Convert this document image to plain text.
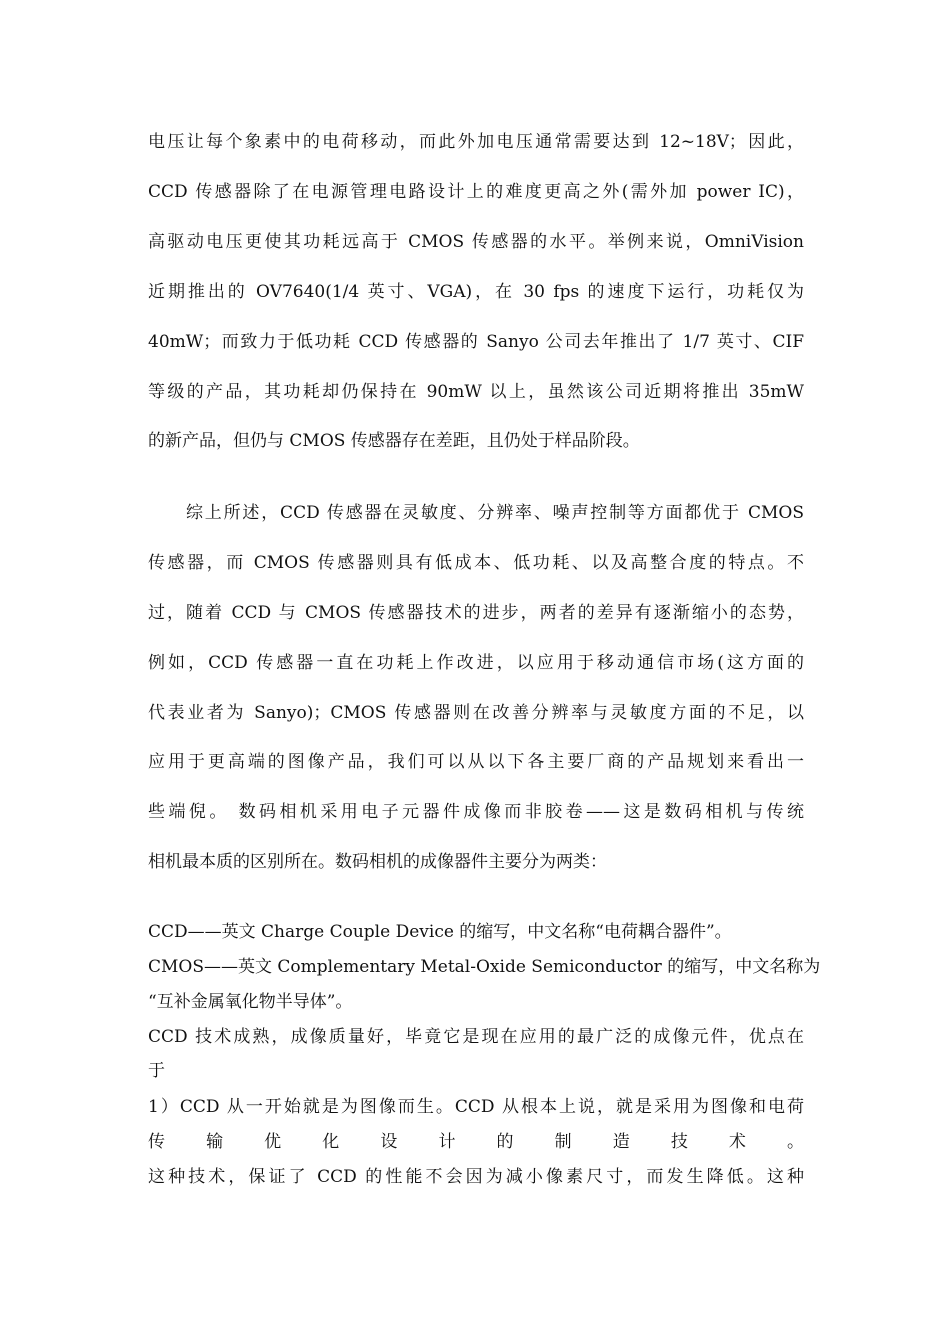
电压让每个象素中的电荷移动，而此外加电压通常需要达到 12~18V；因此，
CCD 传感器除了在电源管理电路设计上的难度更高之外(需外加 power IC)，
高驱动电压更使其功耗远高于 CMOS 传感器的水平。举例来说，OmniVision
近期推出的 OV7640(1/4 英寸、VGA)，在 30 fps 的速度下运行，功耗仅为
40mW；而致力于低功耗 CCD 传感器的 Sanyo 公司去年推出了 1/7 英寸、CIF
等级的产品，其功耗却仍保持在 90mW 以上，虽然该公司近期将推出 35mW
的新产品，但仍与 CMOS 传感器存在差距，且仍处于样品阶段。
综上所述，CCD 传感器在灵敏度、分辨率、噪声控制等方面都优于 CMOS
传感器，而 CMOS 传感器则具有低成本、低功耗、以及高整合度的特点。不
过，随着 CCD 与 CMOS 传感器技术的进步，两者的差异有逐渐缩小的态势，
例如，CCD 传感器一直在功耗上作改进，以应用于移动通信市场(这方面的
代表业者为 Sanyo)；CMOS 传感器则在改善分辨率与灵敏度方面的不足，以
应用于更高端的图像产品，我们可以从以下各主要厂商的产品规划来看出一
些端倪。 数码相机采用电子元器件成像而非胶卷——这是数码相机与传统
相机最本质的区别所在。数码相机的成像器件主要分为两类：
CCD——英文 Charge Couple Device 的缩写，中文名称“电荷耦合器件”。
CMOS——英文 Complementary Metal-Oxide Semiconductor 的缩写，中文名称为
“互补金属氧化物半导体”。
CCD 技术成熟，成像质量好，毕竟它是现在应用的最广泛的成像元件，优点在
于
1）CCD 从一开始就是为图像而生。CCD 从根本上说，就是采用为图像和电荷
传　输　优　化　设　计　的　制　造　技　术　。
这种技术，保证了 CCD 的性能不会因为减小像素尺寸，而发生降低。这种
